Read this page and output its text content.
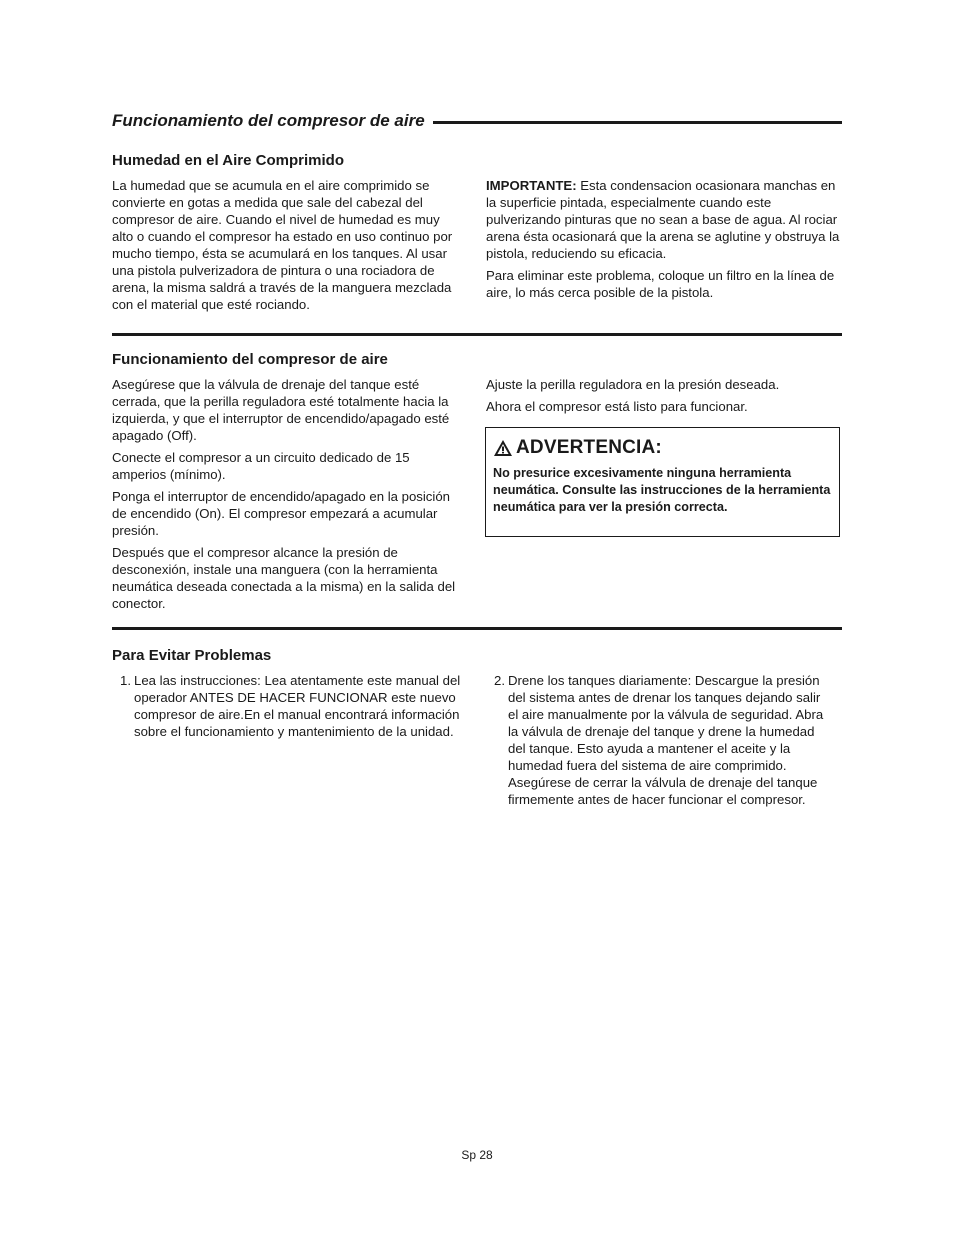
Funcionamiento del compresor de aire
Humedad en el Aire Comprimido

La humedad que se acumula en el aire comprimido se convierte en gotas a medida que sale del cabezal del compresor de aire. Cuando el nivel de humedad es muy alto o cuando el compresor ha estado en uso continuo por mucho tiempo, ésta se acumulará en los tanques. Al usar una pistola pulverizadora de pintura o una rociadora de arena, la misma saldrá a través de la manguera mezclada con el material que esté rociando.

IMPORTANTE: Esta condensacion ocasionara manchas en la superficie pintada, especialmente cuando este pulverizando pinturas que no sean a base de agua. Al rociar arena ésta ocasionará que la arena se aglutine y obstruya la pistola, reduciendo su eficacia.

Para eliminar este problema, coloque un filtro en la línea de aire, lo más cerca posible de la pistola.

Funcionamiento del compresor de aire

Asegúrese que la válvula de drenaje del tanque esté cerrada, que la perilla reguladora esté totalmente hacia la izquierda, y que el interruptor de encendido/apagado esté apagado (Off).

Conecte el compresor a un circuito dedicado de 15 amperios (mínimo).

Ponga el interruptor de encendido/apagado en la posición de encendido (On). El compresor empezará a acumular presión.

Después que el compresor alcance la presión de desconexión, instale una manguera (con la herramienta neumática deseada conectada a la misma) en la salida del conector.

Ajuste la perilla reguladora en la presión deseada.

Ahora el compresor está listo para funcionar.

ADVERTENCIA:
No presurice excesivamente ninguna herramienta neumática. Consulte las instrucciones de la herramienta neumática para ver la presión correcta.
Para Evitar Problemas
1. Lea las instrucciones: Lea atentamente este manual del operador ANTES DE HACER FUNCIONAR este nuevo compresor de aire.En el manual encontrará información sobre el funcionamiento y mantenimiento de la unidad.
2. Drene los tanques diariamente: Descargue la presión del sistema antes de drenar los tanques dejando salir el aire manualmente por la válvula de seguridad. Abra la válvula de drenaje del tanque y drene la humedad del tanque. Esto ayuda a mantener el aceite y la humedad fuera del sistema de aire comprimido. Asegúrese de cerrar la válvula de drenaje del tanque firmemente antes de hacer funcionar el compresor.
Sp 28
